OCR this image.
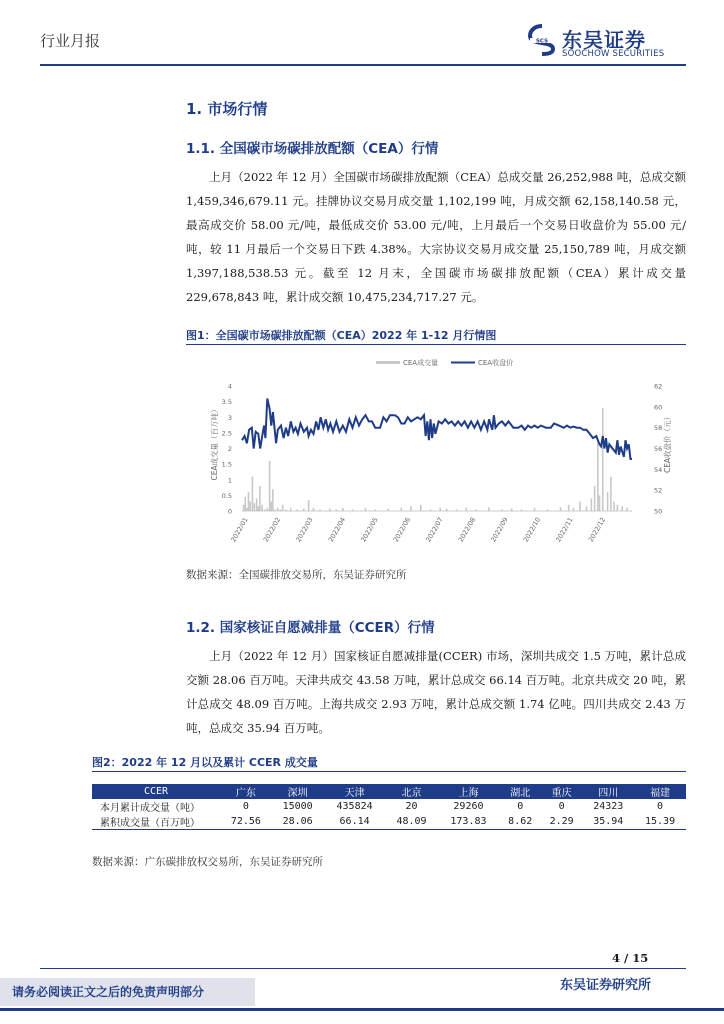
行业月报	SCS 东吴证券
SOOCHOW SECURITIES
1. 市场行情
1.1. 全国碳市场碳排放配额（CEA）行情
上月（2022 年 12 月）全国碳市场碳排放配额（CEA）总成交量 26,252,988 吨，总成交额 1,459,346,679.11 元。挂牌协议交易月成交量 1,102,199 吨，月成交额 62,158,140.58 元，最高成交价 58.00 元/吨，最低成交价 53.00 元/吨，上月最后一个交易日收盘价为 55.00 元/吨，较 11 月最后一个交易日下跌 4.38%。大宗协议交易月成交量 25,150,789 吨，月成交额 1,397,188,538.53 元。截至 12 月末，全国碳市场碳排放配额（CEA）累计成交量 229,678,843 吨，累计成交额 10,475,234,717.27 元。
图1：全国碳市场碳排放配额（CEA）2022 年 1-12 月行情图
CEA成交量	CEA收盘价
CEA成交量（百万吨）	CEA收盘价（元）
0
0.5
1
1.5
2
2.5
3
3.5
4
50
52
54
56
58
60
62
2022/01 2022/02 2022/03 2022/04 2022/05 2022/06 2022/07 2022/08 2022/09 2022/10 2022/11 2022/12
数据来源：全国碳排放交易所，东吴证券研究所
1.2. 国家核证自愿减排量（CCER）行情
上月（2022 年 12 月）国家核证自愿减排量(CCER) 市场，深圳共成交 1.5 万吨，累计总成交额 28.06 百万吨。天津共成交 43.58 万吨，累计总成交 66.14 百万吨。北京共成交 20 吨，累计总成交 48.09 百万吨。上海共成交 2.93 万吨，累计总成交额 1.74 亿吨。四川共成交 2.43 万吨，总成交 35.94 百万吨。
图2：2022 年 12 月以及累计 CCER 成交量
CCER	广东	深圳	天津	北京	上海	湖北	重庆	四川	福建
本月累计成交量（吨）	0	15000	435824	20	29260	0	0	24323	0
累积成交量（百万吨）	72.56	28.06	66.14	48.09	173.83	8.62	2.29	35.94	15.39
数据来源：广东碳排放权交易所，东吴证券研究所
4 / 15
请务必阅读正文之后的免责声明部分	东吴证券研究所
